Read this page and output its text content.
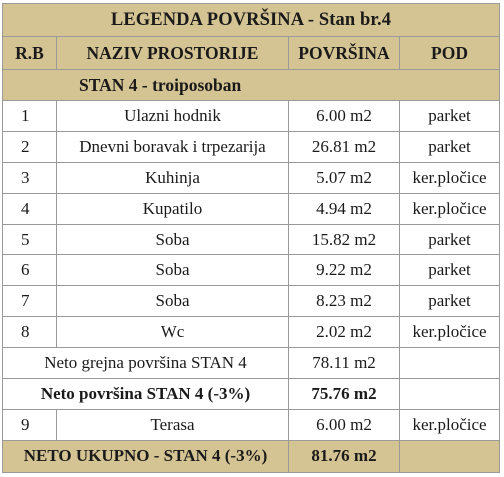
LEGENDA POVRŠINA - Stan br.4			
R.B	NAZIV PROSTORIJE	POVRŠINA	POD
STAN 4 - troiposoban			
1	Ulazni hodnik	6.00 m2	parket
2	Dnevni boravak i trpezarija	26.81 m2	parket
3	Kuhinja	5.07 m2	ker.pločice
4	Kupatilo	4.94 m2	ker.pločice
5	Soba	15.82 m2	parket
6	Soba	9.22 m2	parket
7	Soba	8.23 m2	parket
8	Wc	2.02 m2	ker.pločice
Neto grejna površina STAN 4		78.11 m2	
Neto površina STAN 4 (-3%)		75.76 m2	
9	Terasa	6.00 m2	ker.pločice
NETO UKUPNO - STAN 4 (-3%)		81.76 m2	
